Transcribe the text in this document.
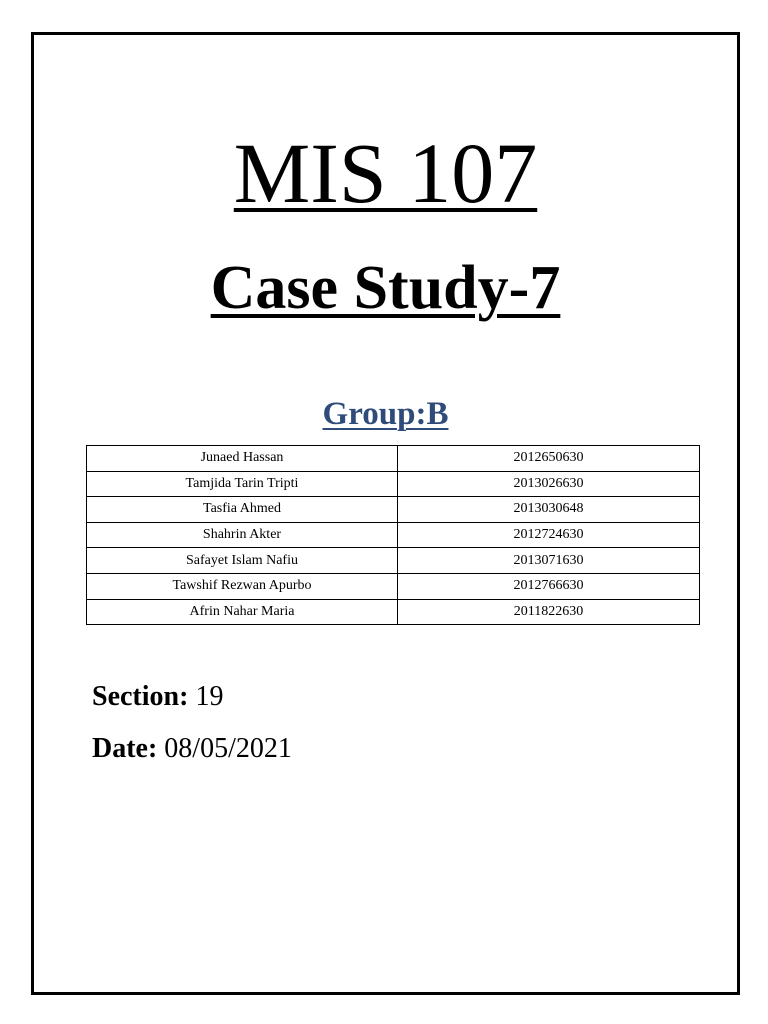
MIS 107
Case Study-7
Group:B
Junaed Hassan	2012650630
Tamjida Tarin Tripti	2013026630
Tasfia Ahmed	2013030648
Shahrin Akter	2012724630
Safayet Islam Nafiu	2013071630
Tawshif Rezwan Apurbo	2012766630
Afrin Nahar Maria	2011822630
Section: 19
Date: 08/05/2021
